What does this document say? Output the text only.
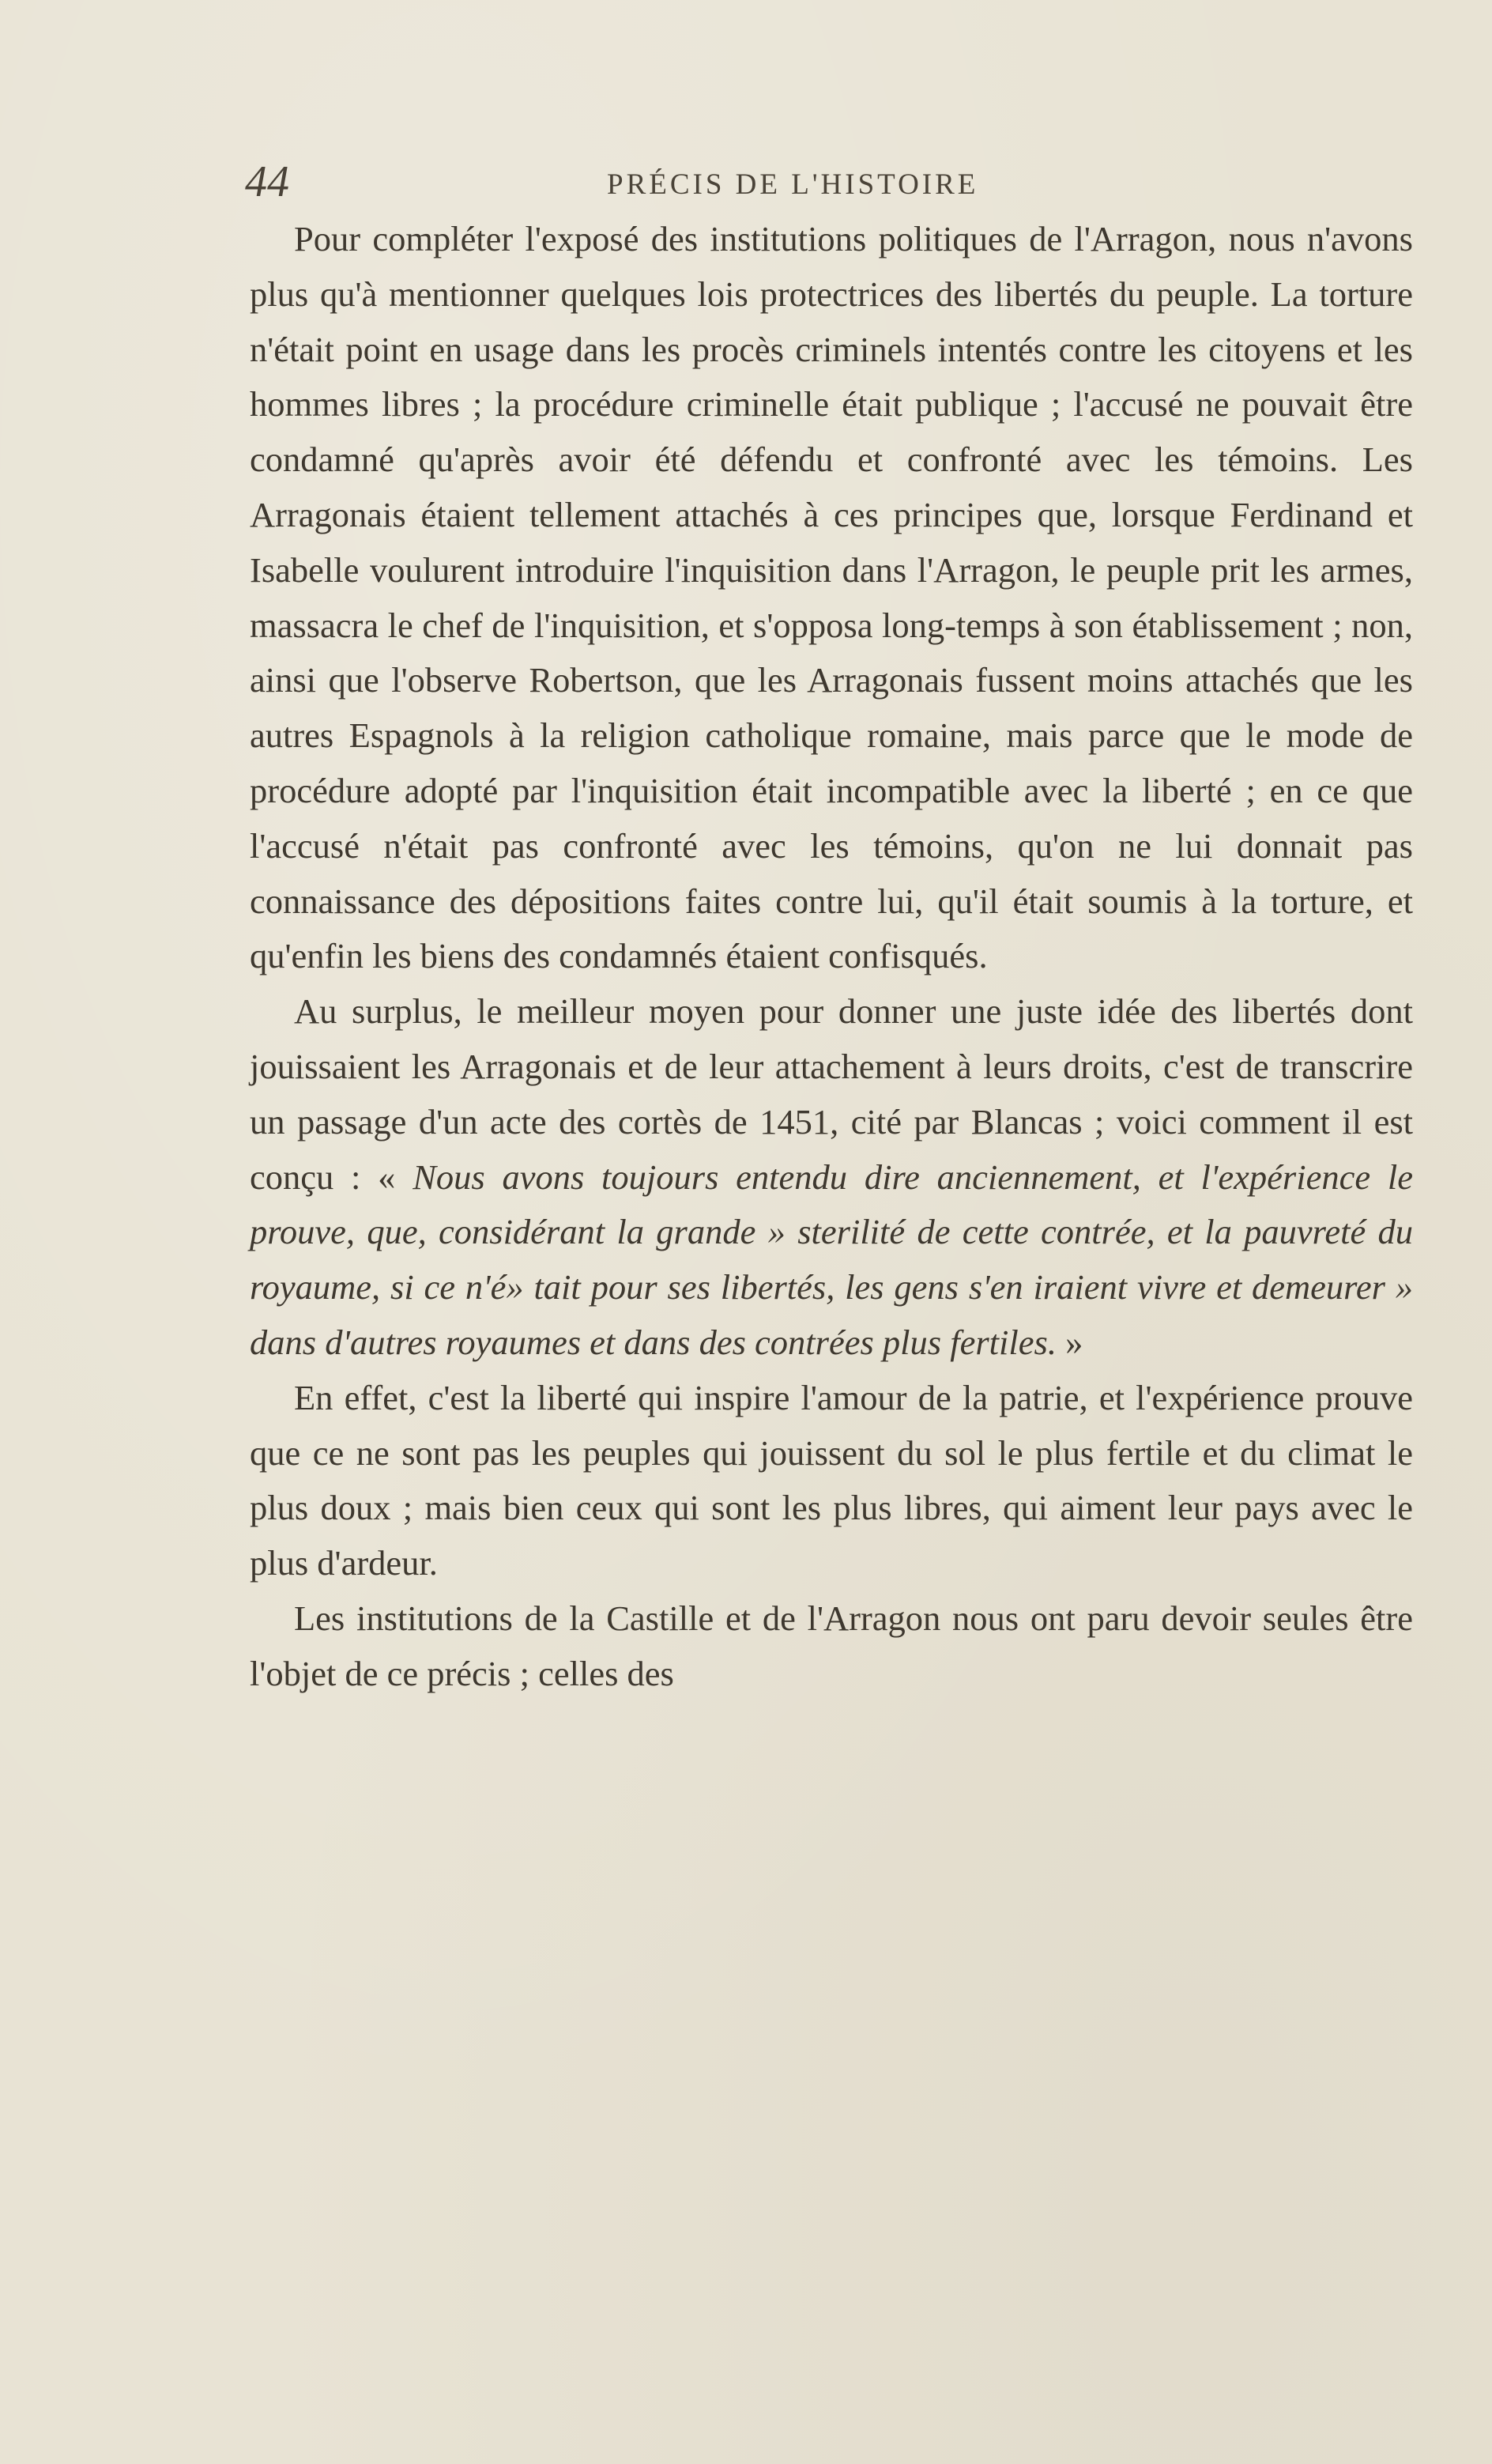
44	PRÉCIS DE L'HISTOIRE

Pour compléter l'exposé des institutions politiques de l'Arragon, nous n'avons plus qu'à mentionner quelques lois protectrices des libertés du peuple. La torture n'était point en usage dans les procès criminels intentés contre les citoyens et les hommes libres ; la procédure criminelle était publique ; l'accusé ne pouvait être condamné qu'après avoir été défendu et confronté avec les témoins. Les Arragonais étaient tellement attachés à ces principes que, lorsque Ferdinand et Isabelle voulurent introduire l'inquisition dans l'Arragon, le peuple prit les armes, massacra le chef de l'inquisition, et s'opposa long-temps à son établissement ; non, ainsi que l'observe Robertson, que les Arragonais fussent moins attachés que les autres Espagnols à la religion catholique romaine, mais parce que le mode de procédure adopté par l'inquisition était incompatible avec la liberté ; en ce que l'accusé n'était pas confronté avec les témoins, qu'on ne lui donnait pas connaissance des dépositions faites contre lui, qu'il était soumis à la torture, et qu'enfin les biens des condamnés étaient confisqués.

Au surplus, le meilleur moyen pour donner une juste idée des libertés dont jouissaient les Arragonais et de leur attachement à leurs droits, c'est de transcrire un passage d'un acte des cortès de 1451, cité par Blancas ; voici comment il est conçu : « Nous avons toujours entendu dire anciennement, et l'expérience le prouve, que, considérant la grande » sterilité de cette contrée, et la pauvreté du royaume, si ce n'é» tait pour ses libertés, les gens s'en iraient vivre et demeurer » dans d'autres royaumes et dans des contrées plus fertiles. »

En effet, c'est la liberté qui inspire l'amour de la patrie, et l'expérience prouve que ce ne sont pas les peuples qui jouissent du sol le plus fertile et du climat le plus doux ; mais bien ceux qui sont les plus libres, qui aiment leur pays avec le plus d'ardeur.

Les institutions de la Castille et de l'Arragon nous ont paru devoir seules être l'objet de ce précis ; celles des
